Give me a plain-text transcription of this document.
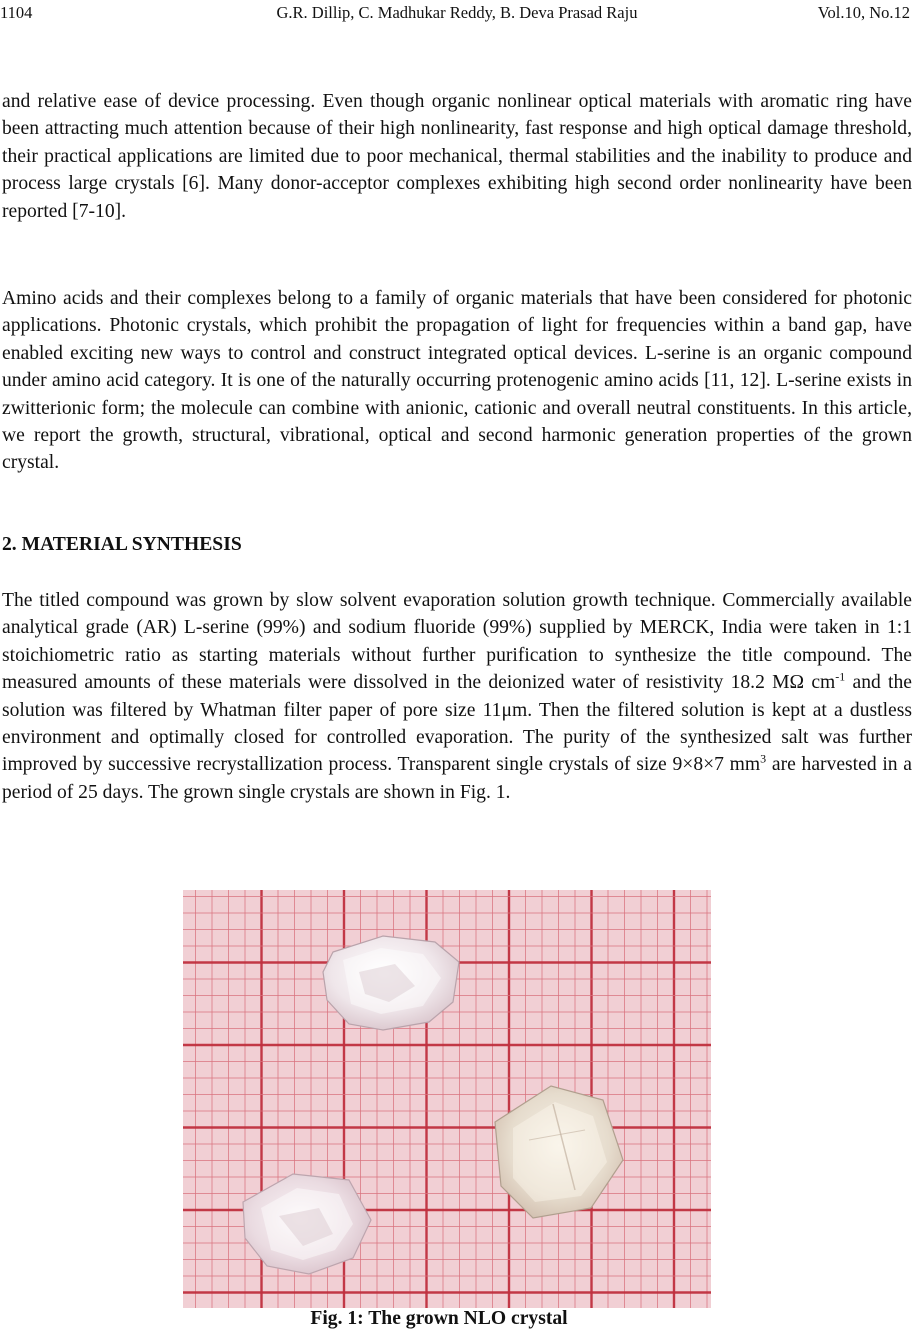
1104	G.R. Dillip, C. Madhukar Reddy, B. Deva Prasad Raju	Vol.10, No.12

and relative ease of device processing. Even though organic nonlinear optical materials with aromatic ring have been attracting much attention because of their high nonlinearity, fast response and high optical damage threshold, their practical applications are limited due to poor mechanical, thermal stabilities and the inability to produce and process large crystals [6]. Many donor-acceptor complexes exhibiting high second order nonlinearity have been reported [7-10].

Amino acids and their complexes belong to a family of organic materials that have been considered for photonic applications. Photonic crystals, which prohibit the propagation of light for frequencies within a band gap, have enabled exciting new ways to control and construct integrated optical devices. L-serine is an organic compound under amino acid category. It is one of the naturally occurring protenogenic amino acids [11, 12]. L-serine exists in zwitterionic form; the molecule can combine with anionic, cationic and overall neutral constituents. In this article, we report the growth, structural, vibrational, optical and second harmonic generation properties of the grown crystal.

2. MATERIAL SYNTHESIS

The titled compound was grown by slow solvent evaporation solution growth technique. Commercially available analytical grade (AR) L-serine (99%) and sodium fluoride (99%) supplied by MERCK, India were taken in 1:1 stoichiometric ratio as starting materials without further purification to synthesize the title compound. The measured amounts of these materials were dissolved in the deionized water of resistivity 18.2 MΩ $cm^{-1}$ and the solution was filtered by Whatman filter paper of pore size 11μm. Then the filtered solution is kept at a dustless environment and optimally closed for controlled evaporation. The purity of the synthesized salt was further improved by successive recrystallization process. Transparent single crystals of size 9×8×7 $mm^3$ are harvested in a period of 25 days. The grown single crystals are shown in Fig. 1.

Fig. 1: The grown NLO crystal
